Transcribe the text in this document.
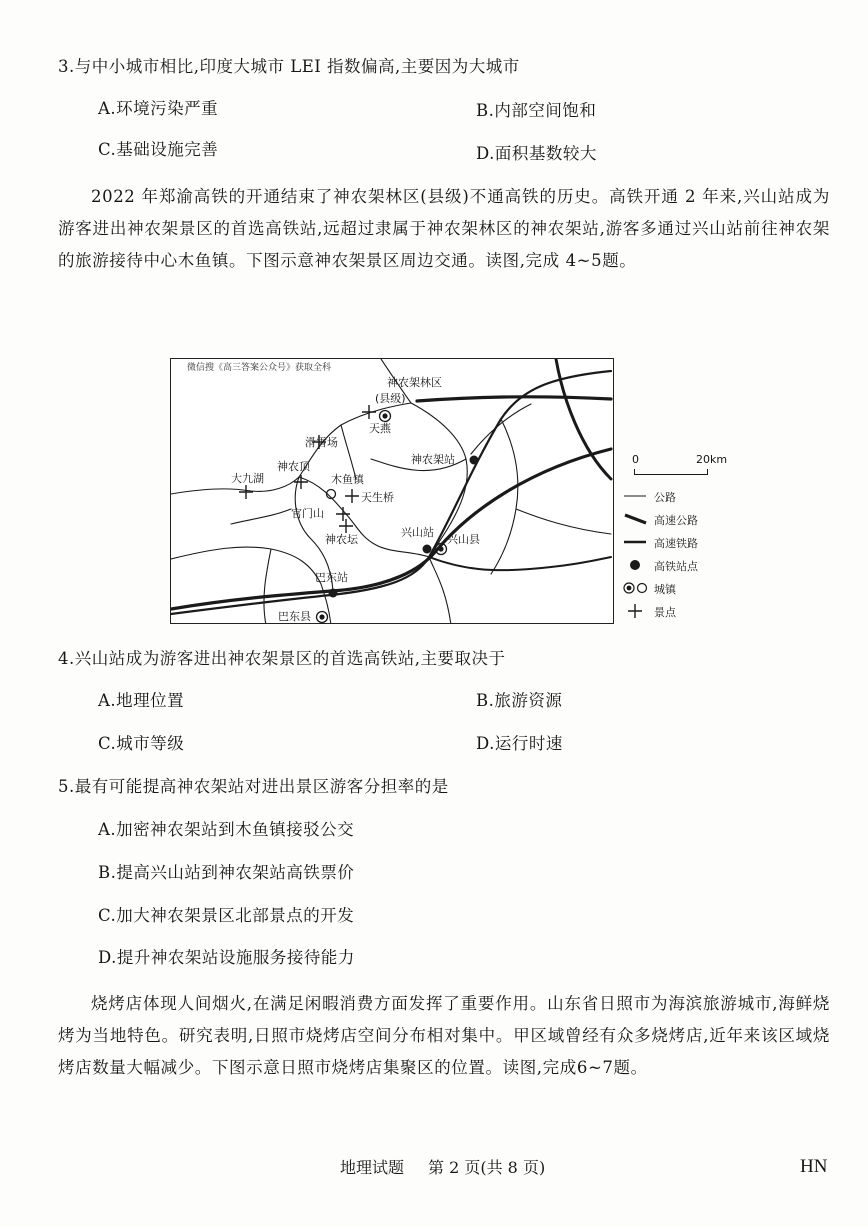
3.与中小城市相比,印度大城市 LEI 指数偏高,主要因为大城市
A.环境污染严重	B.内部空间饱和
C.基础设施完善	D.面积基数较大
2022 年郑渝高铁的开通结束了神农架林区(县级)不通高铁的历史。高铁开通 2 年来,兴山站成为游客进出神农架景区的首选高铁站,远超过隶属于神农架林区的神农架站,游客多通过兴山站前往神农架的旅游接待中心木鱼镇。下图示意神农架景区周边交通。读图,完成 4~5题。
微信搜《高三答案公众号》获取全科
神农架林区
(县级)
天燕
滑雪场
神农顶
大九湖	木鱼镇
天生桥
官门山
神农坛
神农架站
兴山站
兴山县
巴东站
巴东县
0	20km
公路
高速公路
高速铁路
高铁站点
城镇
景点
4.兴山站成为游客进出神农架景区的首选高铁站,主要取决于
A.地理位置	B.旅游资源
C.城市等级	D.运行时速
5.最有可能提高神农架站对进出景区游客分担率的是
A.加密神农架站到木鱼镇接驳公交
B.提高兴山站到神农架站高铁票价
C.加大神农架景区北部景点的开发
D.提升神农架站设施服务接待能力
烧烤店体现人间烟火,在满足闲暇消费方面发挥了重要作用。山东省日照市为海滨旅游城市,海鲜烧烤为当地特色。研究表明,日照市烧烤店空间分布相对集中。甲区域曾经有众多烧烤店,近年来该区域烧烤店数量大幅减少。下图示意日照市烧烤店集聚区的位置。读图,完成6~7题。
地理试题 第 2 页(共 8 页)	HN
